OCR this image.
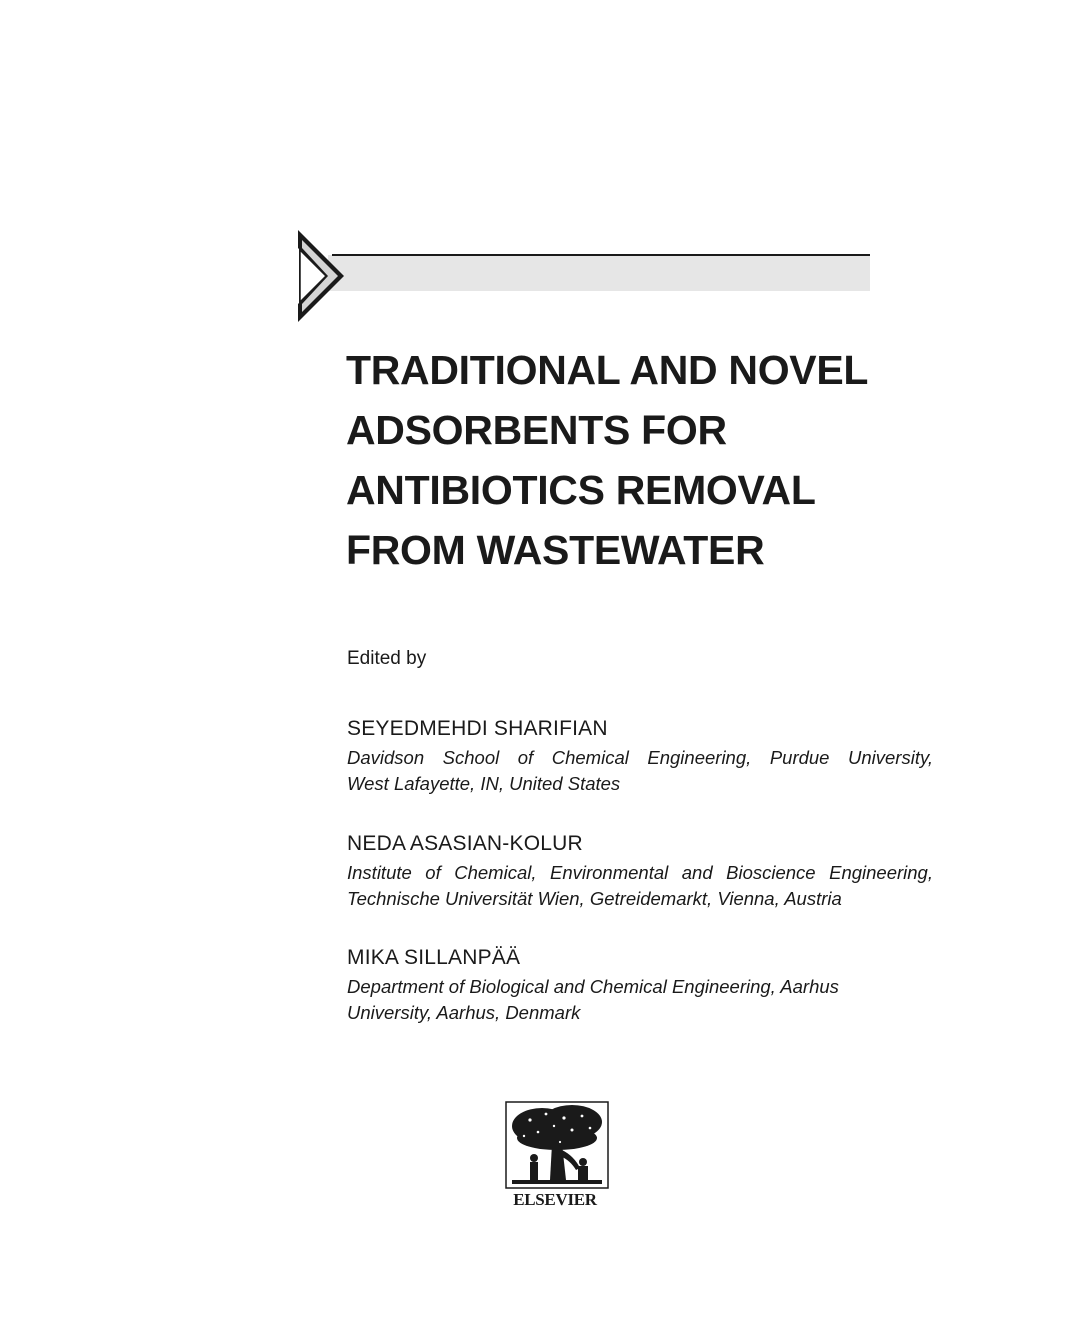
TRADITIONAL AND NOVEL
ADSORBENTS FOR
ANTIBIOTICS REMOVAL
FROM WASTEWATER
Edited by
SEYEDMEHDI SHARIFIAN
Davidson School of Chemical Engineering, Purdue University,
West Lafayette, IN, United States
NEDA ASASIAN-KOLUR
Institute of Chemical, Environmental and Bioscience Engineering,
Technische Universität Wien, Getreidemarkt, Vienna, Austria
MIKA SILLANPÄÄ
Department of Biological and Chemical Engineering, Aarhus
University, Aarhus, Denmark
ELSEVIER
